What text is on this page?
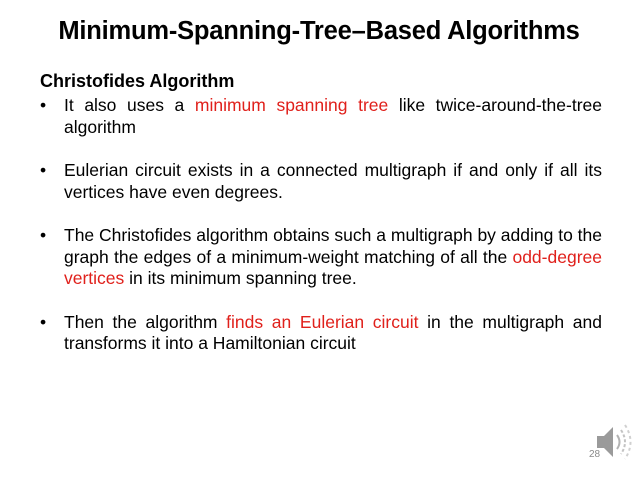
Minimum-Spanning-Tree–Based Algorithms
Christofides Algorithm
•	It also uses a minimum spanning tree like twice-around-the-tree algorithm
•	Eulerian circuit exists in a connected multigraph if and only if all its vertices have even degrees.
•	The Christofides algorithm obtains such a multigraph by adding to the graph the edges of a minimum-weight matching of all the odd-degree vertices in its minimum spanning tree.
•	Then the algorithm finds an Eulerian circuit in the multigraph and transforms it into a Hamiltonian circuit
28
